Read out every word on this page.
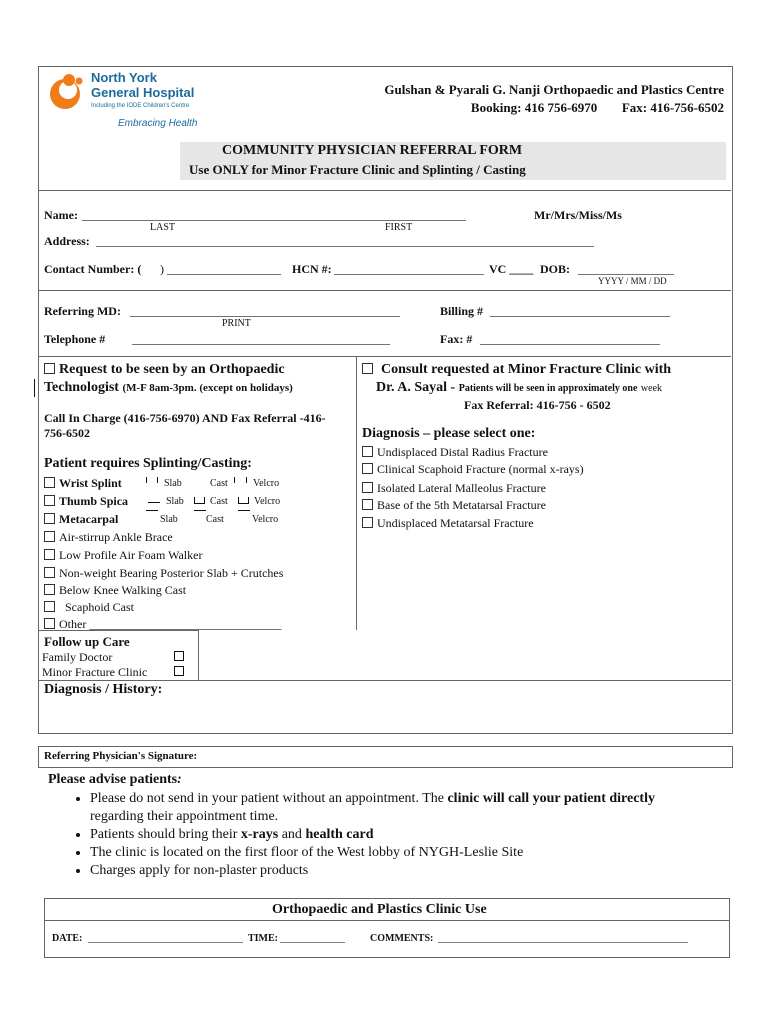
North York
General Hospital
Including the IODE Children's Centre
Embracing Health
Gulshan & Pyarali G. Nanji Orthopaedic and Plastics Centre
Booking: 416 756-6970 Fax: 416-756-6502
COMMUNITY PHYSICIAN REFERRAL FORM
Use ONLY for Minor Fracture Clinic and Splinting / Casting
Name: ________________________________________________________________	Mr/Mrs/Miss/Ms
LAST	FIRST
Address: ___________________________________________________________________________________
Contact Number: ( ) ___________________ HCN #: _________________________ VC ____ DOB: ________________
YYYY / MM / DD
Referring MD: _____________________________________________
PRINT
Billing # ______________________________
Telephone # ___________________________________________	Fax: # ______________________________
Request to be seen by an Orthopaedic
Technologist (M-F 8am-3pm. (except on holidays)
Call In Charge (416-756-6970) AND Fax Referral -416-
756-6502
Patient requires Splinting/Casting:
Wrist Splint	Slab	Cast	Velcro
Thumb Spica	Slab	Cast	Velcro
Metacarpal	Slab	Cast	Velcro
Air-stirrup Ankle Brace
Low Profile Air Foam Walker
Non-weight Bearing Posterior Slab + Crutches
Below Knee Walking Cast
Scaphoid Cast
Other ________________________________
Consult requested at Minor Fracture Clinic with
Dr. A. Sayal - Patients will be seen in approximately one week
Fax Referral: 416-756 - 6502
Diagnosis – please select one:
Undisplaced Distal Radius Fracture
Clinical Scaphoid Fracture (normal x-rays)
Isolated Lateral Malleolus Fracture
Base of the 5th Metatarsal Fracture
Undisplaced Metatarsal Fracture
Follow up Care
Family Doctor
Minor Fracture Clinic
Diagnosis / History:
Referring Physician's Signature:
Please advise patients:
• Please do not send in your patient without an appointment. The clinic will call your patient directly
regarding their appointment time.
• Patients should bring their x-rays and health card
• The clinic is located on the first floor of the West lobby of NYGH-Leslie Site
• Charges apply for non-plaster products
Orthopaedic and Plastics Clinic Use
DATE: _______________________________ TIME: _____________	COMMENTS: __________________________________________________
